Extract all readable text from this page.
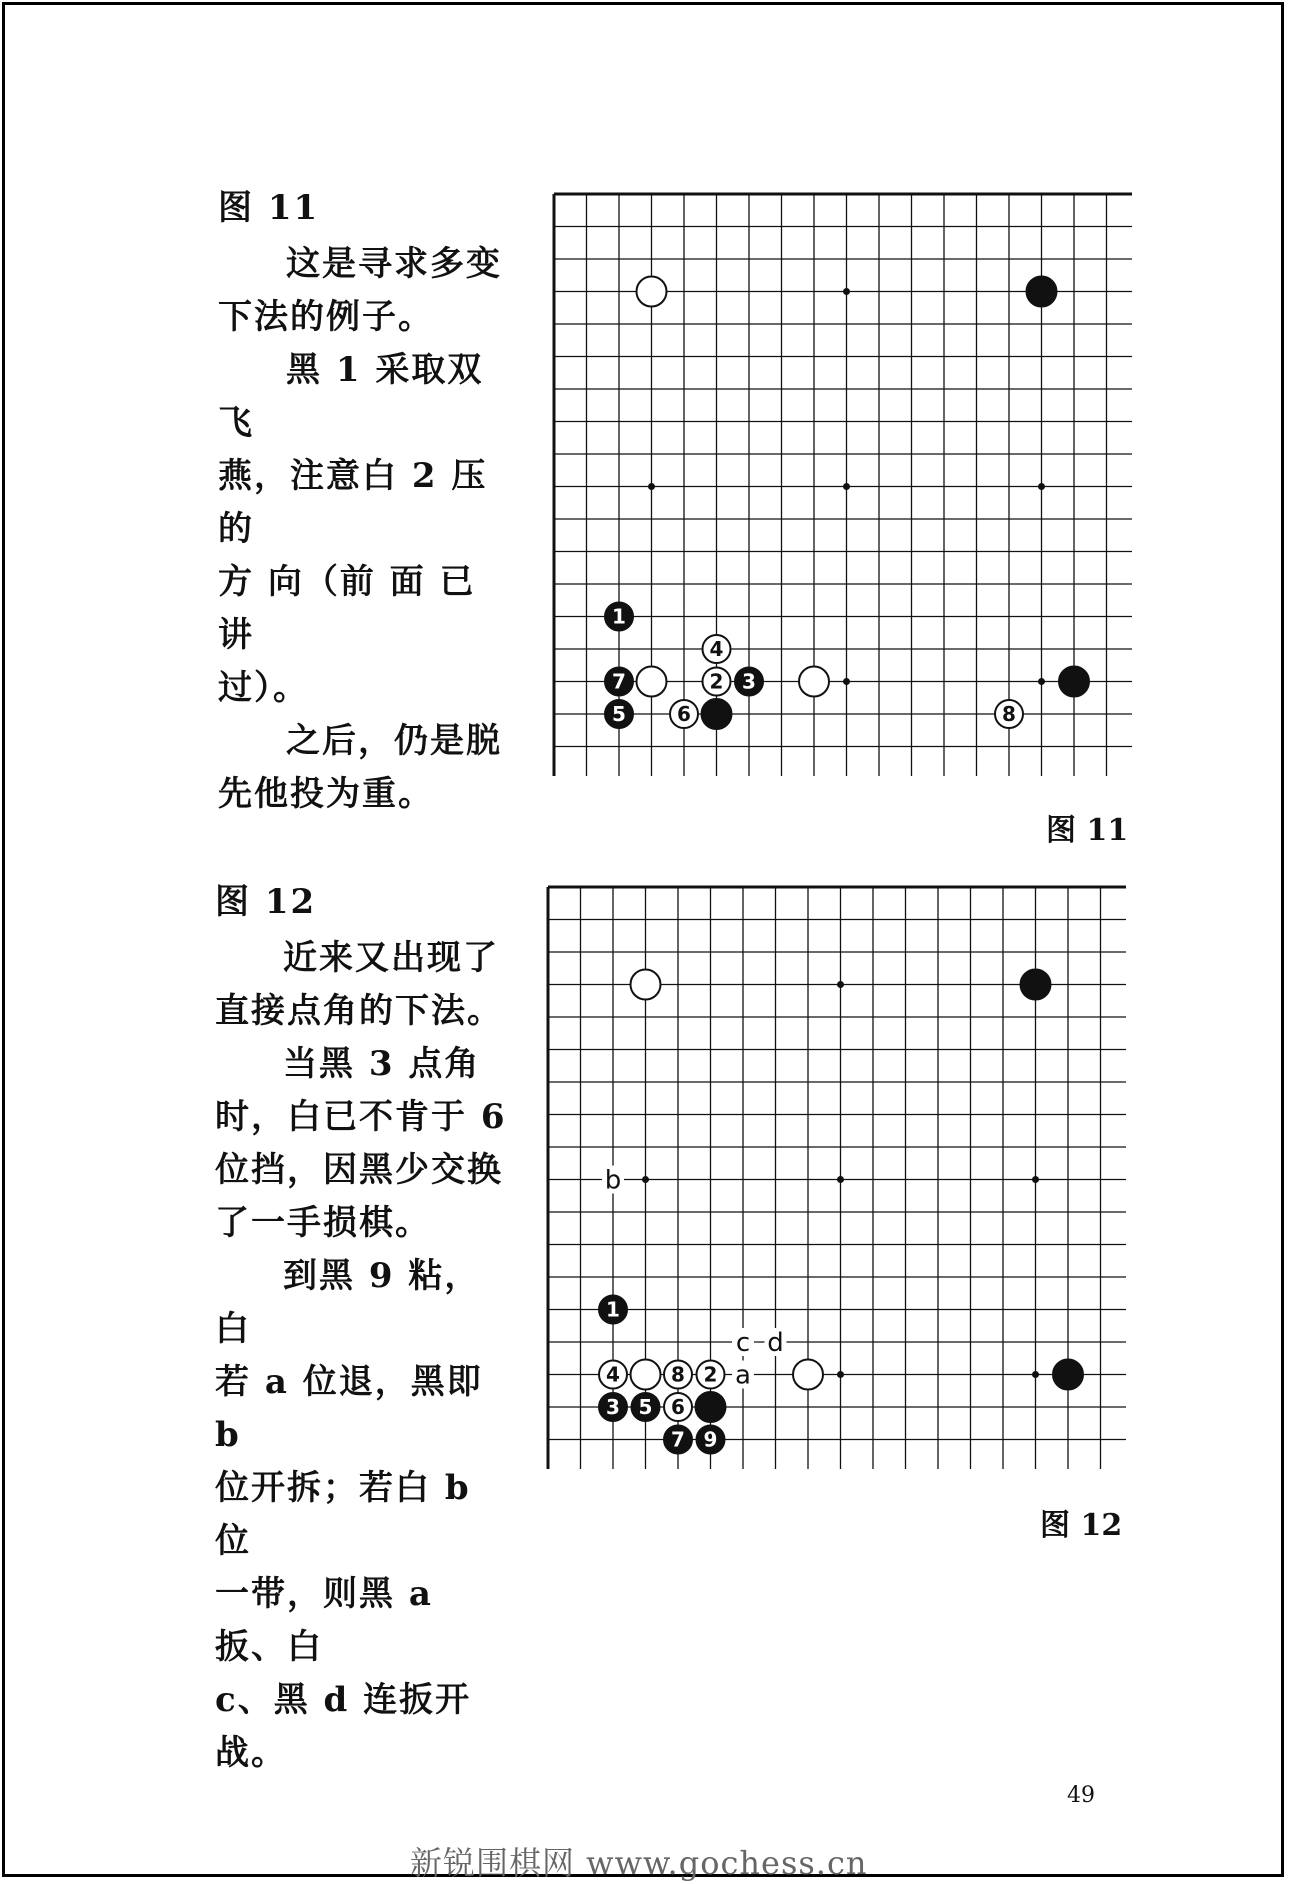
图 11
这是寻求多变
下法的例子。
黑 1 采取双飞
燕，注意白 2 压的
方 向（前 面 已 讲
过）。
之后，仍是脱
先他投为重。
1
4
7	2 3
5	6	8
图 11
图 12
近来又出现了
直接点角的下法。
当黑 3 点角
时，白已不肯于 6
位挡，因黑少交换
了一手损棋。
到黑 9 粘，白
若 a 位退，黑即 b
位开拆；若白 b 位
一带，则黑 a 扳、白
c、黑 d 连扳开战。
b
a
c d
1
4	8 2
3 5 6
7 9
图 12
49
新锐围棋网 www.gochess.cn
